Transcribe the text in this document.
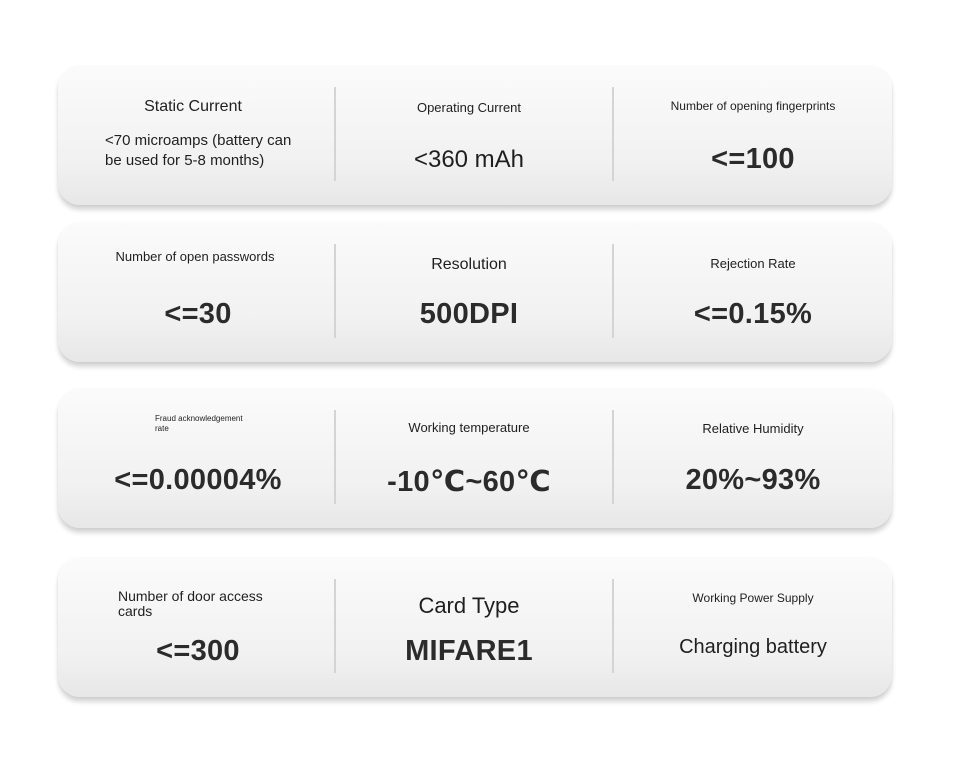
Static Current
<70 microamps (battery can be used for 5-8 months)
Operating Current
<360 mAh
Number of opening fingerprints
<=100
Number of open passwords
<=30
Resolution
500DPI
Rejection Rate
<=0.15%
Fraud acknowledgement rate
<=0.00004%
Working temperature
-10℃~60℃
Relative Humidity
20%~93%
Number of door access cards
<=300
Card Type
MIFARE1
Working Power Supply
Charging battery
